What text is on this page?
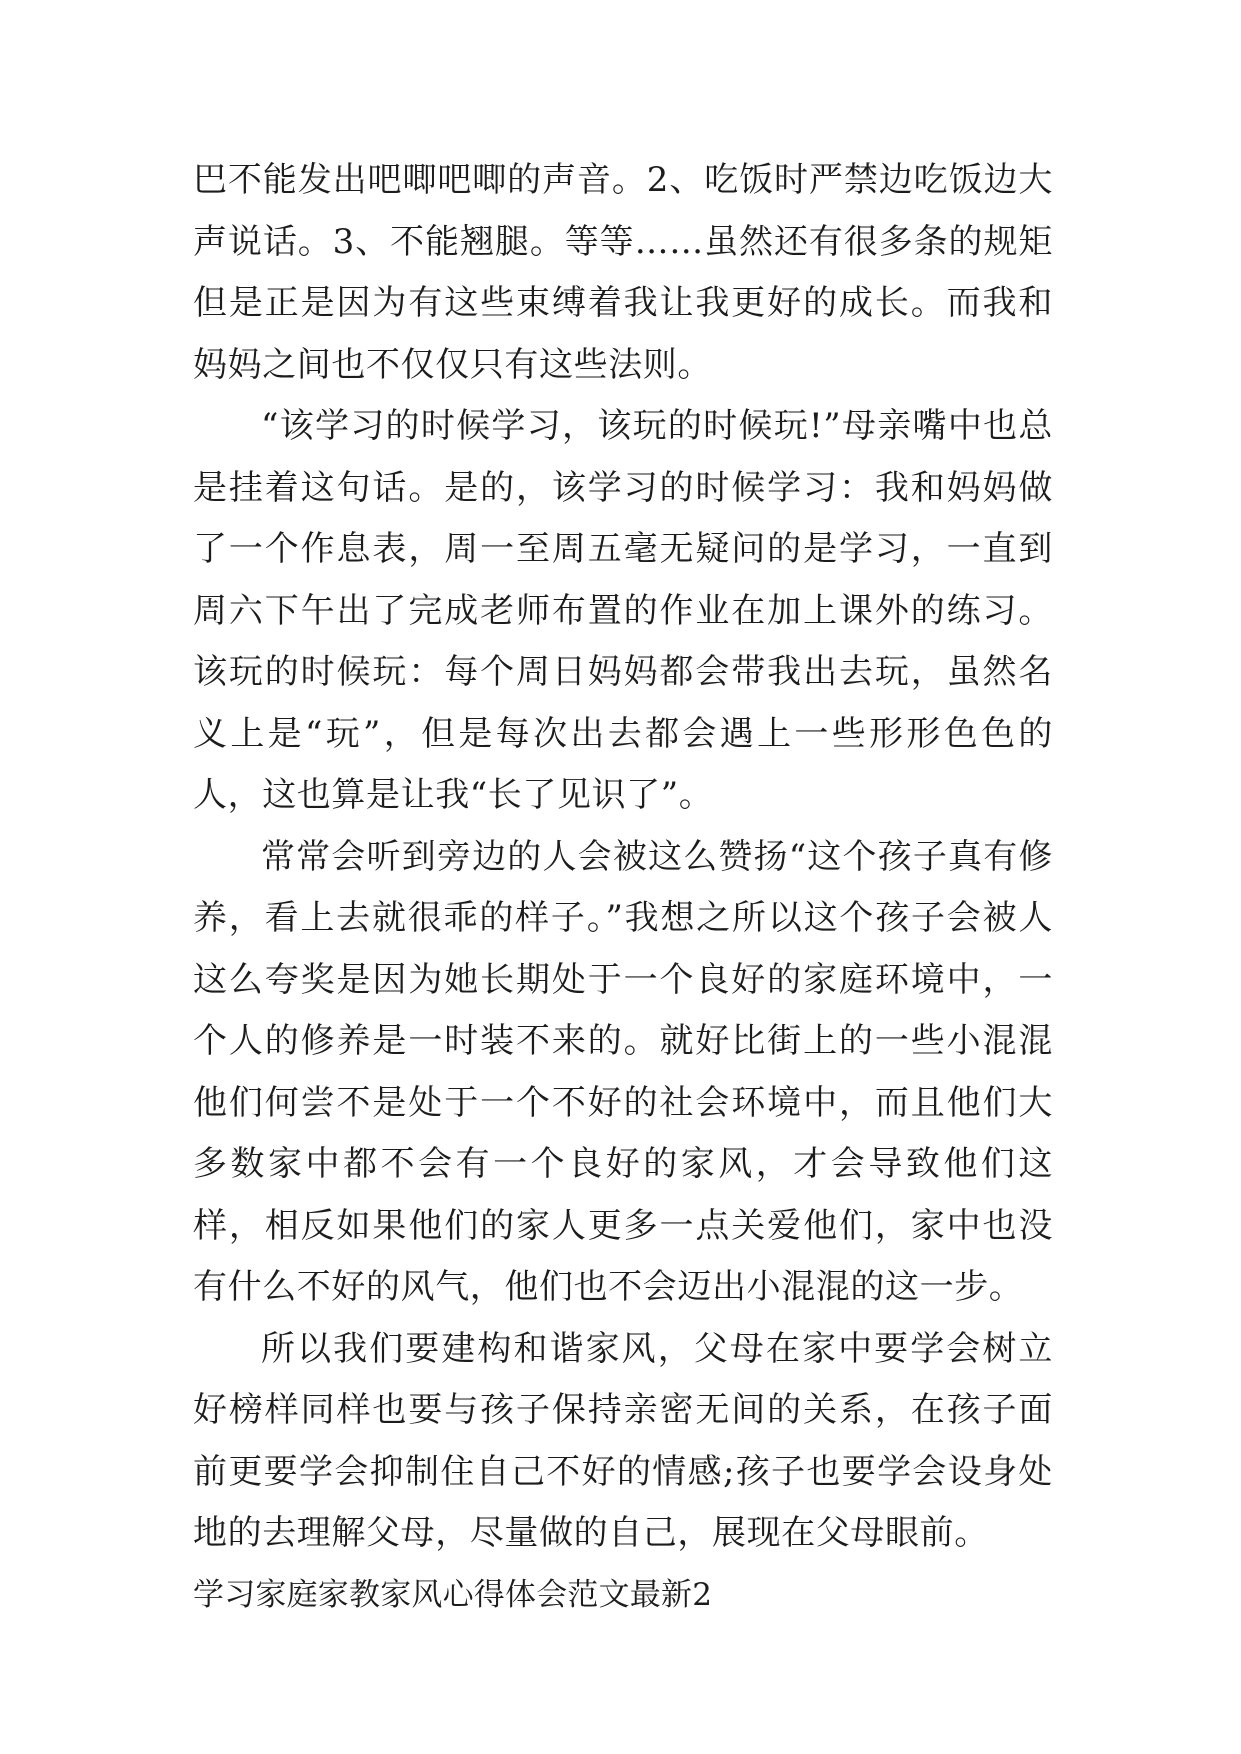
巴不能发出吧唧吧唧的声音。2、吃饭时严禁边吃饭边大声说话。3、不能翘腿。等等……虽然还有很多条的规矩但是正是因为有这些束缚着我让我更好的成长。而我和妈妈之间也不仅仅只有这些法则。

“该学习的时候学习，该玩的时候玩!”母亲嘴中也总是挂着这句话。是的，该学习的时候学习：我和妈妈做了一个作息表，周一至周五毫无疑问的是学习，一直到周六下午出了完成老师布置的作业在加上课外的练习。该玩的时候玩：每个周日妈妈都会带我出去玩，虽然名义上是“玩”，但是每次出去都会遇上一些形形色色的人，这也算是让我“长了见识了”。

常常会听到旁边的人会被这么赞扬“这个孩子真有修养，看上去就很乖的样子。”我想之所以这个孩子会被人这么夸奖是因为她长期处于一个良好的家庭环境中，一个人的修养是一时装不来的。就好比街上的一些小混混他们何尝不是处于一个不好的社会环境中，而且他们大多数家中都不会有一个良好的家风，才会导致他们这样，相反如果他们的家人更多一点关爱他们，家中也没有什么不好的风气，他们也不会迈出小混混的这一步。

所以我们要建构和谐家风，父母在家中要学会树立好榜样同样也要与孩子保持亲密无间的关系，在孩子面前更要学会抑制住自己不好的情感;孩子也要学会设身处地的去理解父母，尽量做的自己，展现在父母眼前。

学习家庭家教家风心得体会范文最新2
